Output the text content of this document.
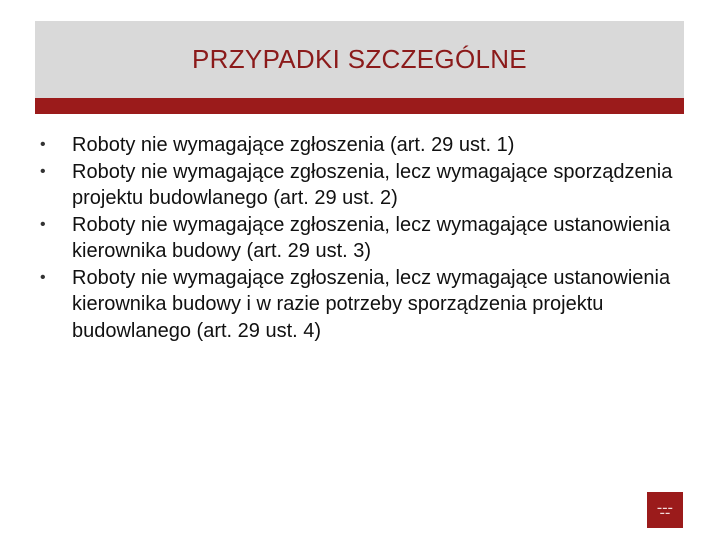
PRZYPADKI SZCZEGÓLNE
•	Roboty nie wymagające zgłoszenia (art. 29 ust. 1)
•	Roboty nie wymagające zgłoszenia, lecz wymagające sporządzenia projektu budowlanego (art. 29 ust. 2)
•	Roboty nie wymagające zgłoszenia, lecz wymagające ustanowienia kierownika budowy (art. 29 ust. 3)
•	Roboty nie wymagające zgłoszenia, lecz wymagające ustanowienia kierownika budowy i w razie potrzeby sporządzenia projektu budowlanego (art. 29 ust. 4)
▬ ▬ ▬
▬ ▬
